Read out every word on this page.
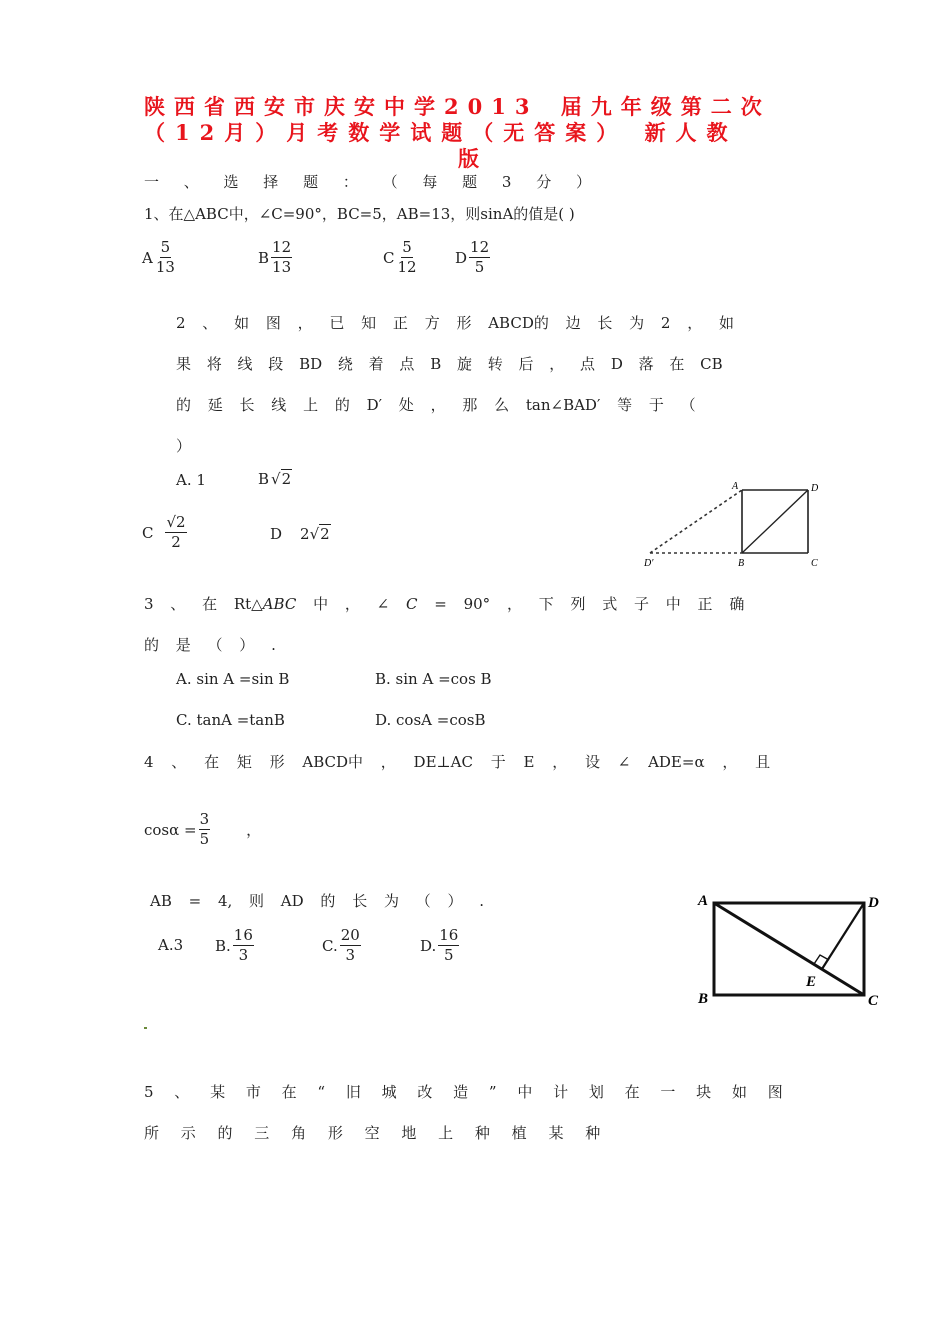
陕西省西安市庆安中学2013 届九年级第二次
（12月）月考数学试题（无答案） 新人教
版
一 、 选 择 题 ： （ 每 题 3 分 ）
1、在△ABC中，∠C=90°，BC=5，AB=13，则sinA的值是( )
A $\frac{5}{13}$	B $\frac{12}{13}$	C $\frac{5}{12}$ D $\frac{12}{5}$
2 、 如 图 ， 已 知 正 方 形 ABCD的 边 长 为 2 ， 如
果 将 线 段 BD 绕 着 点 B 旋 转 后 ， 点 D 落 在 CB
的 延 长 线 上 的 D′ 处 ， 那 么 tan∠BAD′ 等 于 （
）
A. 1	B √ 2
C $\frac{√2}{2}$	D 2 √ 2
A	D
B	C
D′
3 、 在 Rt△ABC 中 ， ∠ C = 90° ， 下 列 式 子 中 正 确
的 是 （ ） .
A. sin A =sin B	B. sin A =cos B
C. tanA =tanB	D. cosA =cosB
4 、 在 矩 形 ABCD中 ， DE⊥AC 于 E ， 设 ∠ ADE=α ， 且
$\cos\alpha = \frac{3}{5}$ ，
AB = 4, 则 AD 的 长 为 （ ） .
A.3 B. $\frac{16}{3}$	C. $\frac{20}{3}$	D. $\frac{16}{5}$
A	D
B	C
E
5 、 某 市 在 “ 旧 城 改 造 ” 中 计 划 在 一 块 如 图
所 示 的 三 角 形 空 地 上 种 植 某 种
